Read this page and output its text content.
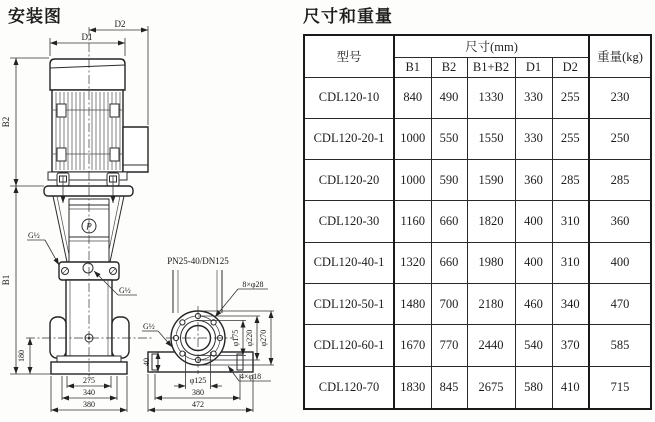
安装图	尺寸和重量
P
D1
D2
B2
B1
180
275
340
380
G½
G½
PN25-40/DN125
8×φ28
G½
φ175 φ220 φ270
40
4×φ18
φ125
380
472
型号	尺寸(mm)					重量(kg)
	B1	B2	B1+B2	D1	D2	
CDL120-10	840	490	1330	330	255	230
CDL120-20-1	1000	550	1550	330	255	250
CDL120-20	1000	590	1590	360	285	285
CDL120-30	1160	660	1820	400	310	360
CDL120-40-1	1320	660	1980	400	310	400
CDL120-50-1	1480	700	2180	460	340	470
CDL120-60-1	1670	770	2440	540	370	585
CDL120-70	1830	845	2675	580	410	715
